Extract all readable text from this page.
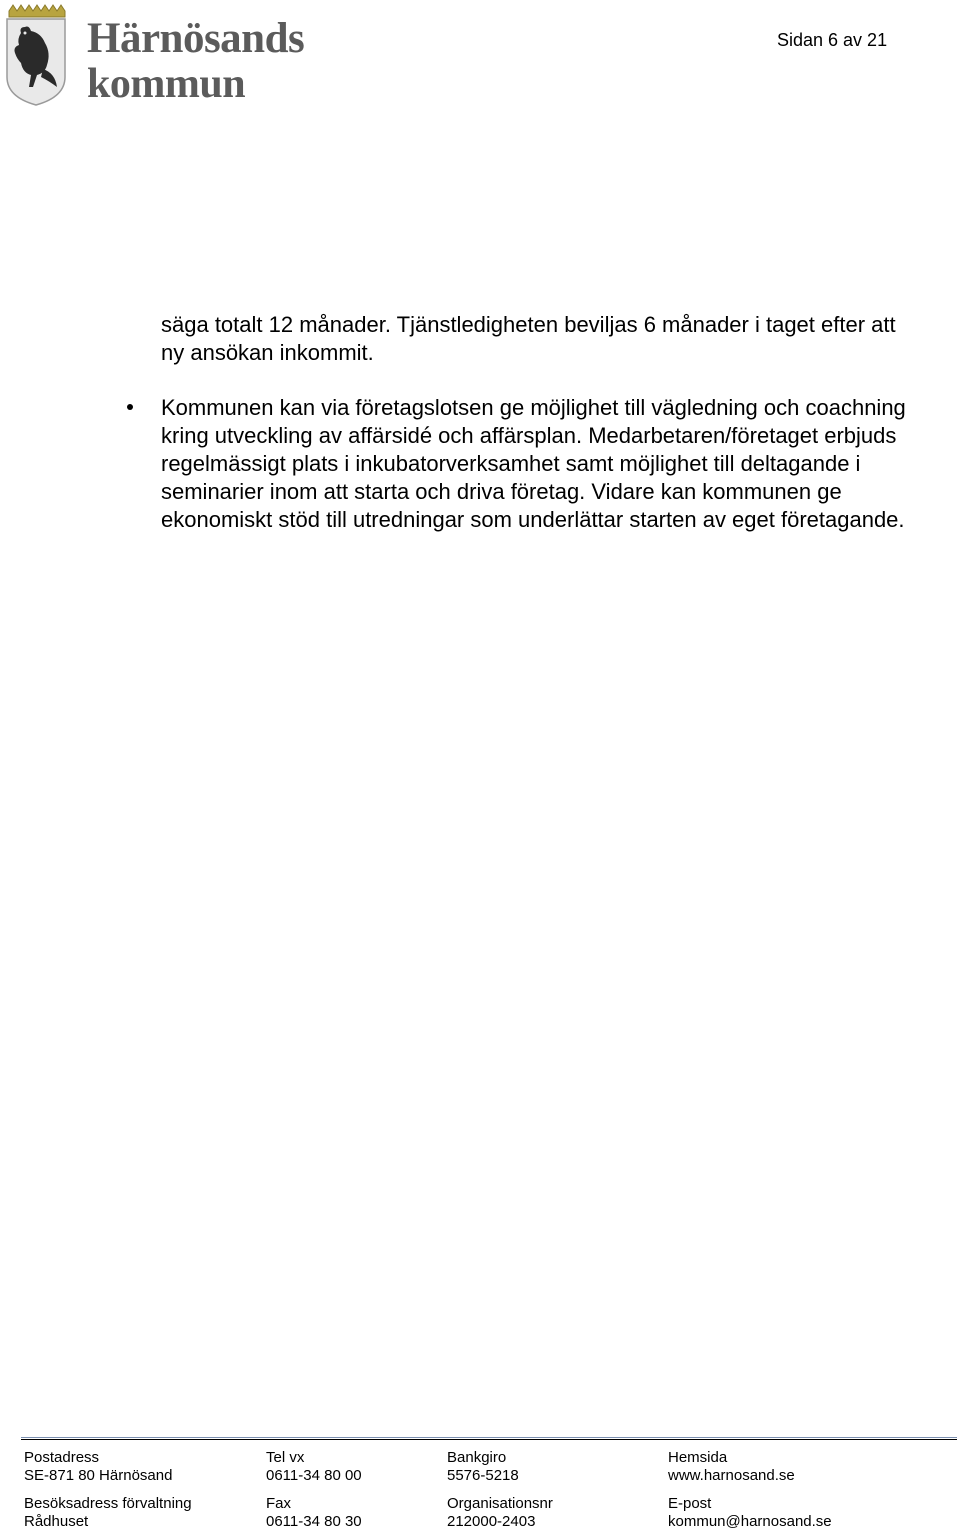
Härnösands
kommun
Sidan 6 av 21

säga totalt 12 månader. Tjänstledigheten beviljas 6 månader i taget efter att ny ansökan inkommit.

Kommunen kan via företagslotsen ge möjlighet till vägledning och coachning kring utveckling av affärsidé och affärsplan. Medarbetaren/företaget erbjuds regelmässigt plats i inkubatorverksamhet samt möjlighet till deltagande i seminarier inom att starta och driva företag. Vidare kan kommunen ge ekonomiskt stöd till utredningar som underlättar starten av eget företagande.

Postadress
SE-871 80 Härnösand
Besöksadress förvaltning
Rådhuset
Tel vx
0611-34 80 00
Fax
0611-34 80 30
Bankgiro
5576-5218
Organisationsnr
212000-2403
Hemsida
www.harnosand.se
E-post
kommun@harnosand.se
